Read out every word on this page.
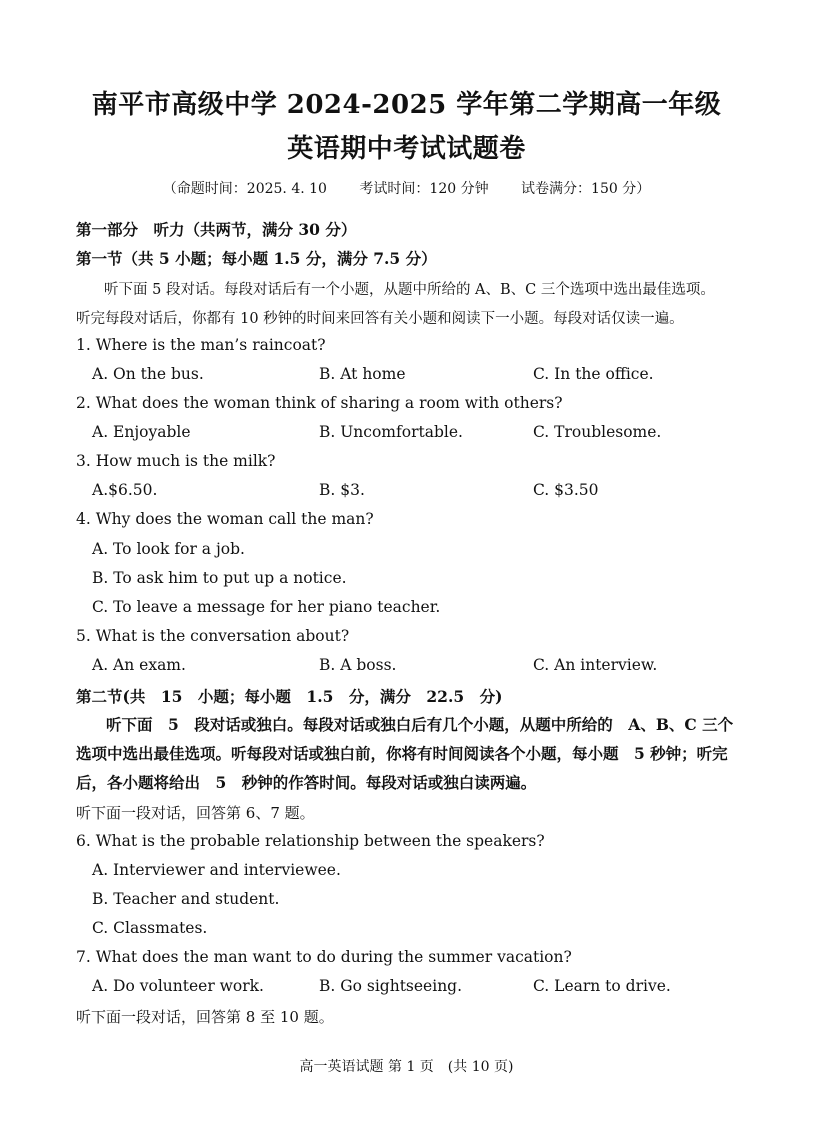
南平市高级中学 2024-2025 学年第二学期高一年级
英语期中考试试题卷
（命题时间：2025. 4. 10 考试时间：120 分钟 试卷满分：150 分）
第一部分　听力（共两节，满分 30 分）
第一节（共 5 小题；每小题 1.5 分，满分 7.5 分）
听下面 5 段对话。每段对话后有一个小题，从题中所给的 A、B、C 三个选项中选出最佳选项。
听完每段对话后，你都有 10 秒钟的时间来回答有关小题和阅读下一小题。每段对话仅读一遍。
1. Where is the man’s raincoat?
A. On the bus.	B. At home	C. In the office.
2. What does the woman think of sharing a room with others?
A. Enjoyable	B. Uncomfortable.	C. Troublesome.
3. How much is the milk?
A.$6.50.	B. $3.	C. $3.50
4. Why does the woman call the man?
A. To look for a job.
B. To ask him to put up a notice.
C. To leave a message for her piano teacher.
5. What is the conversation about?
A. An exam.	B. A boss.	C. An interview.
第二节(共　15　小题；每小题　1.5　分，满分　22.5　分)
听下面　5　段对话或独白。每段对话或独白后有几个小题，从题中所给的　A、B、C 三个选项中选出最佳选项。听每段对话或独白前，你将有时间阅读各个小题，每小题　5 秒钟；听完后，各小题将给出　5　秒钟的作答时间。每段对话或独白读两遍。
听下面一段对话，回答第 6、7 题。
6. What is the probable relationship between the speakers?
A. Interviewer and interviewee.
B. Teacher and student.
C. Classmates.
7. What does the man want to do during the summer vacation?
A. Do volunteer work.	B. Go sightseeing.	C. Learn to drive.
听下面一段对话，回答第 8 至 10 题。
高一英语试题 第 1 页　(共 10 页)
